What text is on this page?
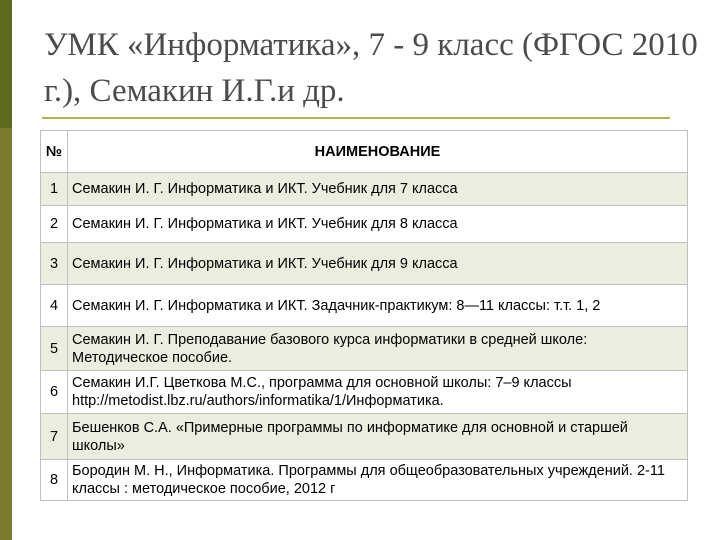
УМК «Информатика», 7 - 9 класс (ФГОС 2010 г.), Семакин И.Г.и др.
№	НАИМЕНОВАНИЕ
1	Семакин И. Г. Информатика и ИКТ. Учебник для 7 класса
2	Семакин И. Г. Информатика и ИКТ. Учебник для 8 класса
3	Семакин И. Г. Информатика и ИКТ. Учебник для 9 класса
4	Семакин И. Г. Информатика и ИКТ. Задачник-практикум: 8—11 классы: т.т. 1, 2
5	Семакин И. Г. Преподавание базового курса информатики в средней школе: Методическое пособие.
6	Семакин И.Г. Цветкова М.С., программа для основной школы: 7–9 классы http://metodist.lbz.ru/authors/informatika/1/Информатика.
7	Бешенков С.А. «Примерные программы по информатике для основной и старшей школы»
8	Бородин М. Н., Информатика. Программы для общеобразовательных учреждений. 2-11 классы : методическое пособие, 2012 г
